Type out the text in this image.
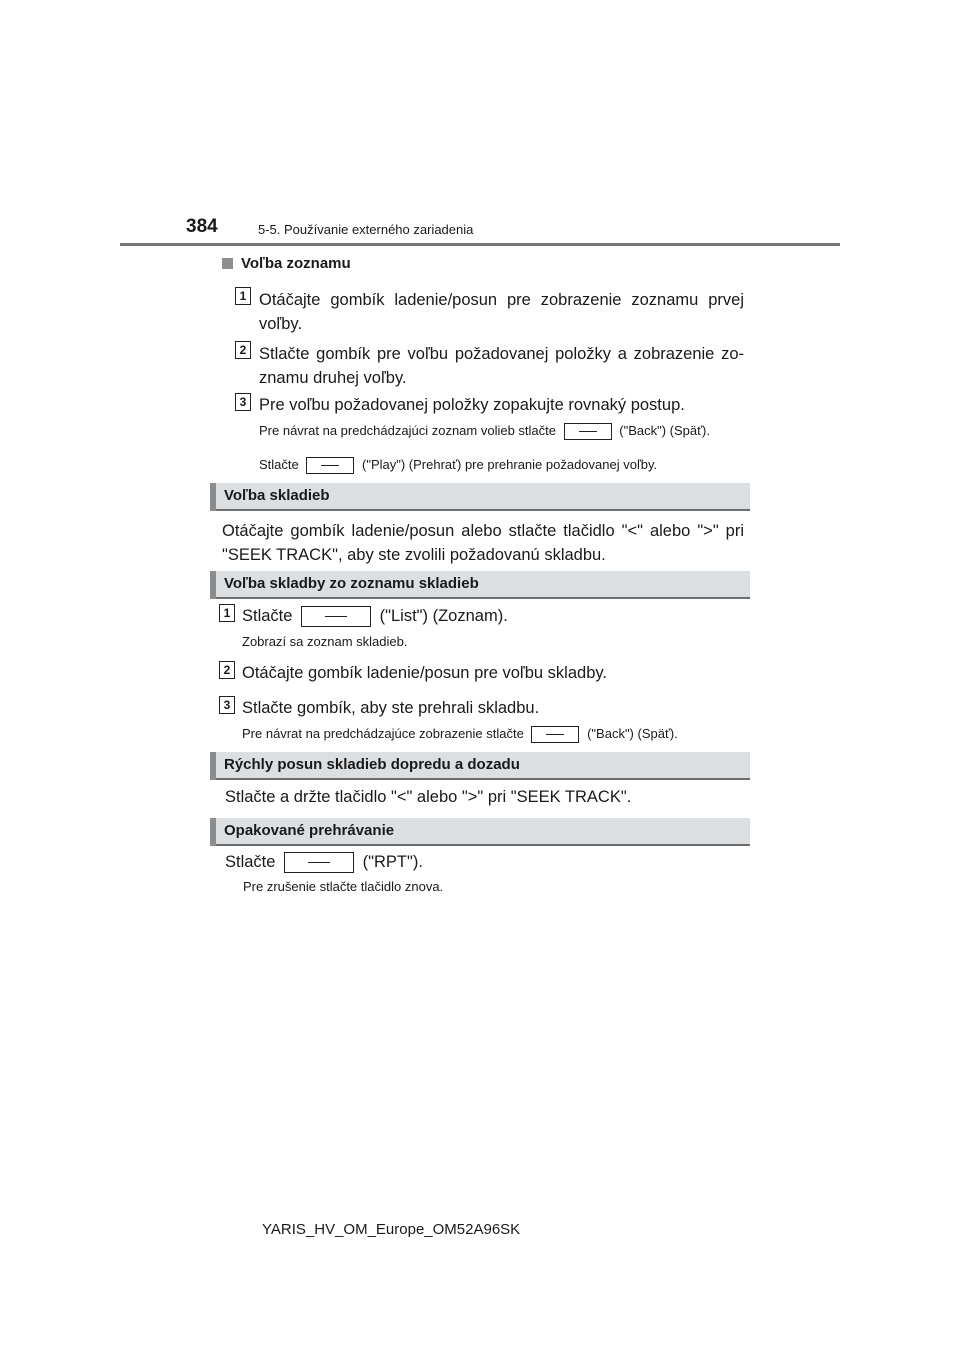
384	5-5. Používanie externého zariadenia
Voľba zoznamu
1 Otáčajte gombík ladenie/posun pre zobrazenie zoznamu prvej voľby.
2 Stlačte gombík pre voľbu požadovanej položky a zobrazenie zo-znamu druhej voľby.
3 Pre voľbu požadovanej položky zopakujte rovnaký postup.
Pre návrat na predchádzajúci zoznam volieb stlačte	("Back") (Späť).
Stlačte	("Play") (Prehrať) pre prehranie požadovanej voľby.
Voľba skladieb
Otáčajte gombík ladenie/posun alebo stlačte tlačidlo "<" alebo ">" pri "SEEK TRACK", aby ste zvolili požadovanú skladbu.
Voľba skladby zo zoznamu skladieb
1 Stlačte	("List") (Zoznam).
Zobrazí sa zoznam skladieb.
2 Otáčajte gombík ladenie/posun pre voľbu skladby.
3 Stlačte gombík, aby ste prehrali skladbu.
Pre návrat na predchádzajúce zobrazenie stlačte	("Back") (Späť).
Rýchly posun skladieb dopredu a dozadu
Stlačte a držte tlačidlo "<" alebo ">" pri "SEEK TRACK".
Opakované prehrávanie
Stlačte	("RPT").
Pre zrušenie stlačte tlačidlo znova.
YARIS_HV_OM_Europe_OM52A96SK
